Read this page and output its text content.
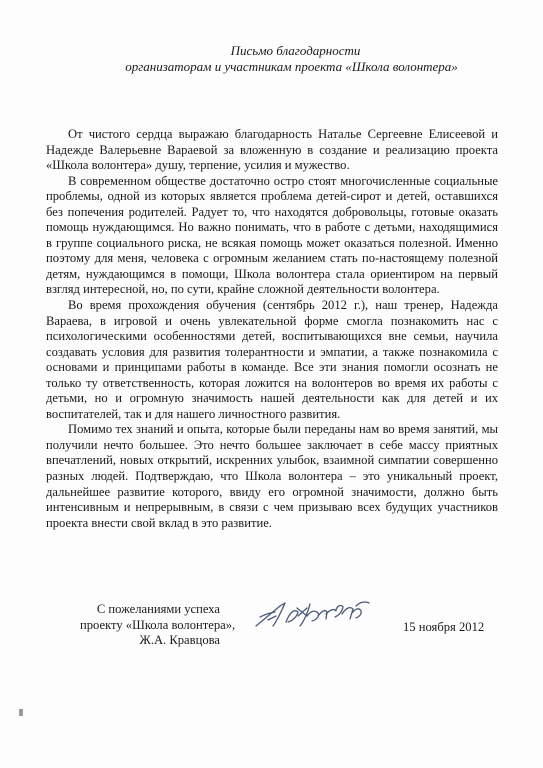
Письмо благодарности
организаторам и участникам проекта «Школа волонтера»

От чистого сердца выражаю благодарность Наталье Сергеевне Елисеевой и Надежде Валерьевне Вараевой за вложенную в создание и реализацию проекта «Школа волонтера» душу, терпение, усилия и мужество.

В современном обществе достаточно остро стоят многочисленные социальные проблемы, одной из которых является проблема детей-сирот и детей, оставшихся без попечения родителей. Радует то, что находятся добровольцы, готовые оказать помощь нуждающимся. Но важно понимать, что в работе с детьми, находящимися в группе социального риска, не всякая помощь может оказаться полезной. Именно поэтому для меня, человека с огромным желанием стать по-настоящему полезной детям, нуждающимся в помощи, Школа волонтера стала ориентиром на первый взгляд интересной, но, по сути, крайне сложной деятельности волонтера.

Во время прохождения обучения (сентябрь 2012 г.), наш тренер, Надежда Вараева, в игровой и очень увлекательной форме смогла познакомить нас с психологическими особенностями детей, воспитывающихся вне семьи, научила создавать условия для развития толерантности и эмпатии, а также познакомила с основами и принципами работы в команде. Все эти знания помогли осознать не только ту ответственность, которая ложится на волонтеров во время их работы с детьми, но и огромную значимость нашей деятельности как для детей и их воспитателей, так и для нашего личностного развития.

Помимо тех знаний и опыта, которые были переданы нам во время занятий, мы получили нечто большее. Это нечто большее заключает в себе массу приятных впечатлений, новых открытий, искренних улыбок, взаимной симпатии совершенно разных людей. Подтверждаю, что Школа волонтера – это уникальный проект, дальнейшее развитие которого, ввиду его огромной значимости, должно быть интенсивным и непрерывным, в связи с чем призываю всех будущих участников проекта внести свой вклад в это развитие.

С пожеланиями успеха
проекту «Школа волонтера»,
Ж.А. Кравцова
15 ноября 2012
